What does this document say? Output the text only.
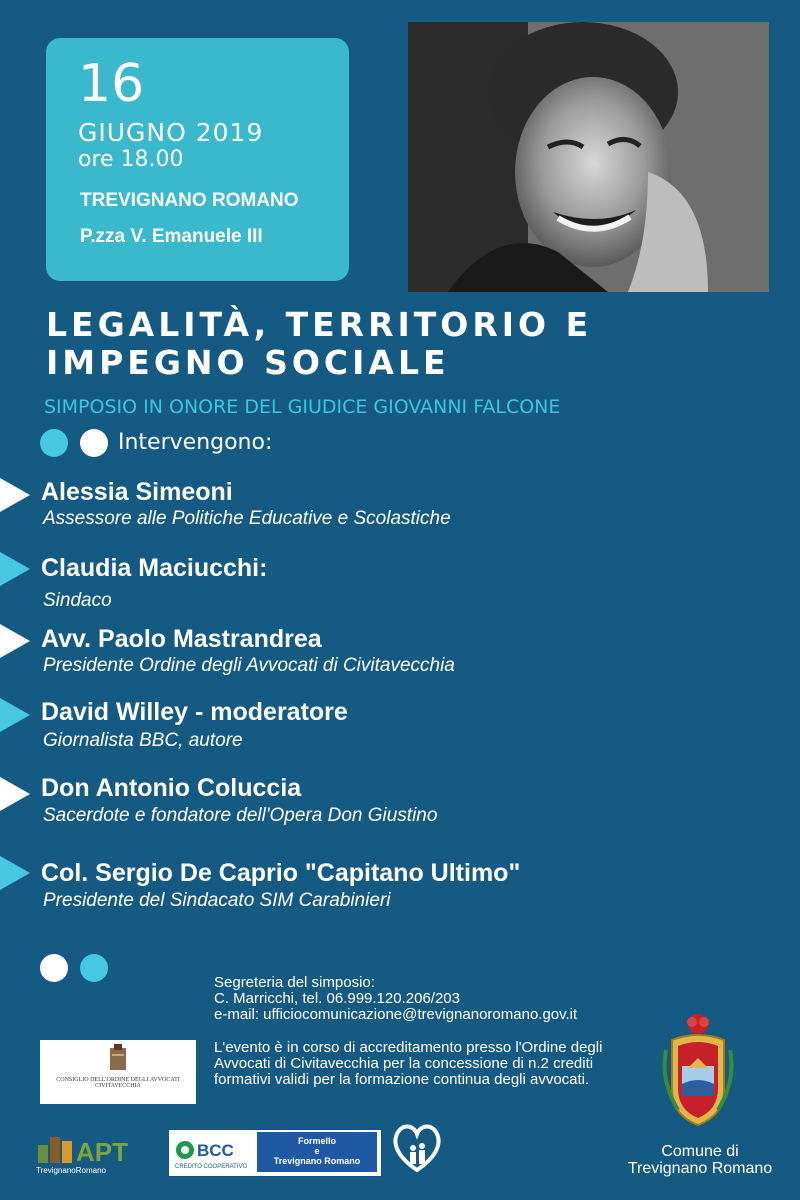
16
GIUGNO 2019
ore 18.00
TREVIGNANO ROMANO
P.zza V. Emanuele III
LEGALITÀ, TERRITORIO E
IMPEGNO SOCIALE
SIMPOSIO IN ONORE DEL GIUDICE GIOVANNI FALCONE
Intervengono:
Alessia Simeoni
Assessore alle Politiche Educative e Scolastiche
Claudia Maciucchi:
Sindaco
Avv. Paolo Mastrandrea
Presidente Ordine degli Avvocati di Civitavecchia
David Willey - moderatore
Giornalista BBC, autore
Don Antonio Coluccia
Sacerdote e fondatore dell'Opera Don Giustino
Col. Sergio De Caprio "Capitano Ultimo"
Presidente del Sindacato SIM Carabinieri
Segreteria del simposio:
C. Marricchi, tel. 06.999.120.206/203
e-mail: ufficiocomunicazione@trevignanoromano.gov.it
L'evento è in corso di accreditamento presso l'Ordine degli Avvocati di Civitavecchia per la concessione di n.2 crediti formativi validi per la formazione continua degli avvocati.
CONSIGLIO DELL'ORDINE DEGLI AVVOCATI CIVITAVECCHIA
APT
TrevignanoRomano
BCC
CREDITO COOPERATIVO
Formello
e
Trevignano Romano
Comune di
Trevignano Romano
